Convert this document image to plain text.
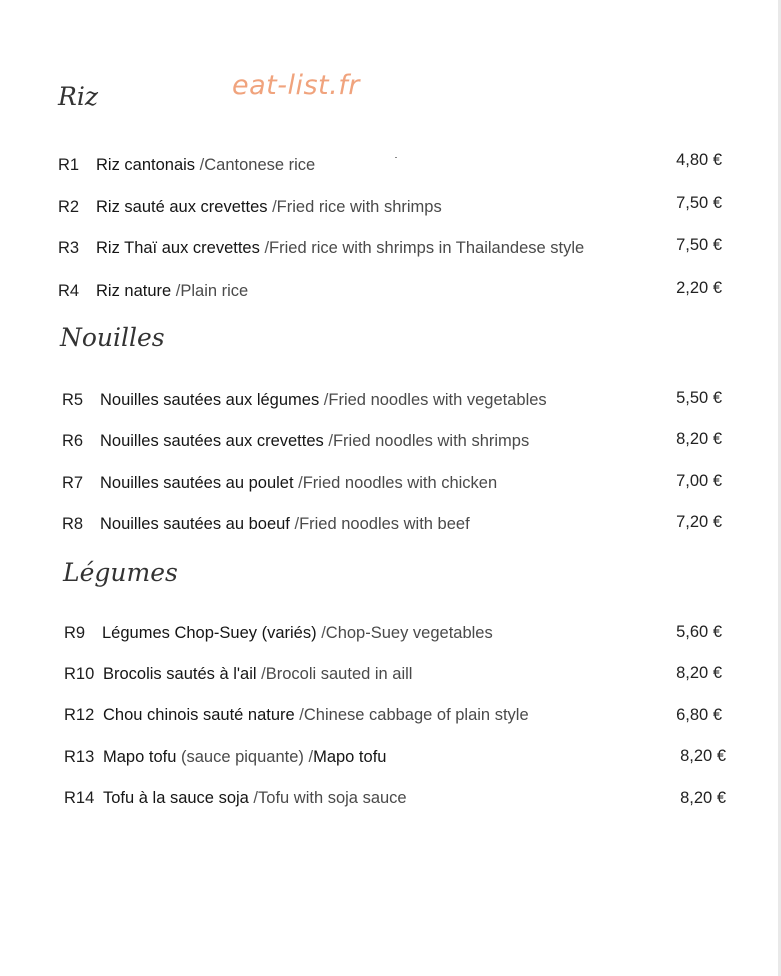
eat-list.fr
Riz
R1 Riz cantonais /Cantonese rice	4,80 €
R2 Riz sauté aux crevettes /Fried rice with shrimps	7,50 €
R3 Riz Thaï aux crevettes /Fried rice with shrimps in Thailandese style	7,50 €
R4 Riz nature /Plain rice	2,20 €
Nouilles
R5 Nouilles sautées aux légumes /Fried noodles with vegetables	5,50 €
R6 Nouilles sautées aux crevettes /Fried noodles with shrimps	8,20 €
R7 Nouilles sautées au poulet /Fried noodles with chicken	7,00 €
R8 Nouilles sautées au boeuf /Fried noodles with beef	7,20 €
Légumes
R9 Légumes Chop-Suey (variés) /Chop-Suey vegetables	5,60 €
R10 Brocolis sautés à l'ail /Brocoli sauted in aill	8,20 €
R12 Chou chinois sauté nature /Chinese cabbage of plain style	6,80 €
R13 Mapo tofu (sauce piquante) /Mapo tofu	8,20 €
R14 Tofu à la sauce soja /Tofu with soja sauce	8,20 €
